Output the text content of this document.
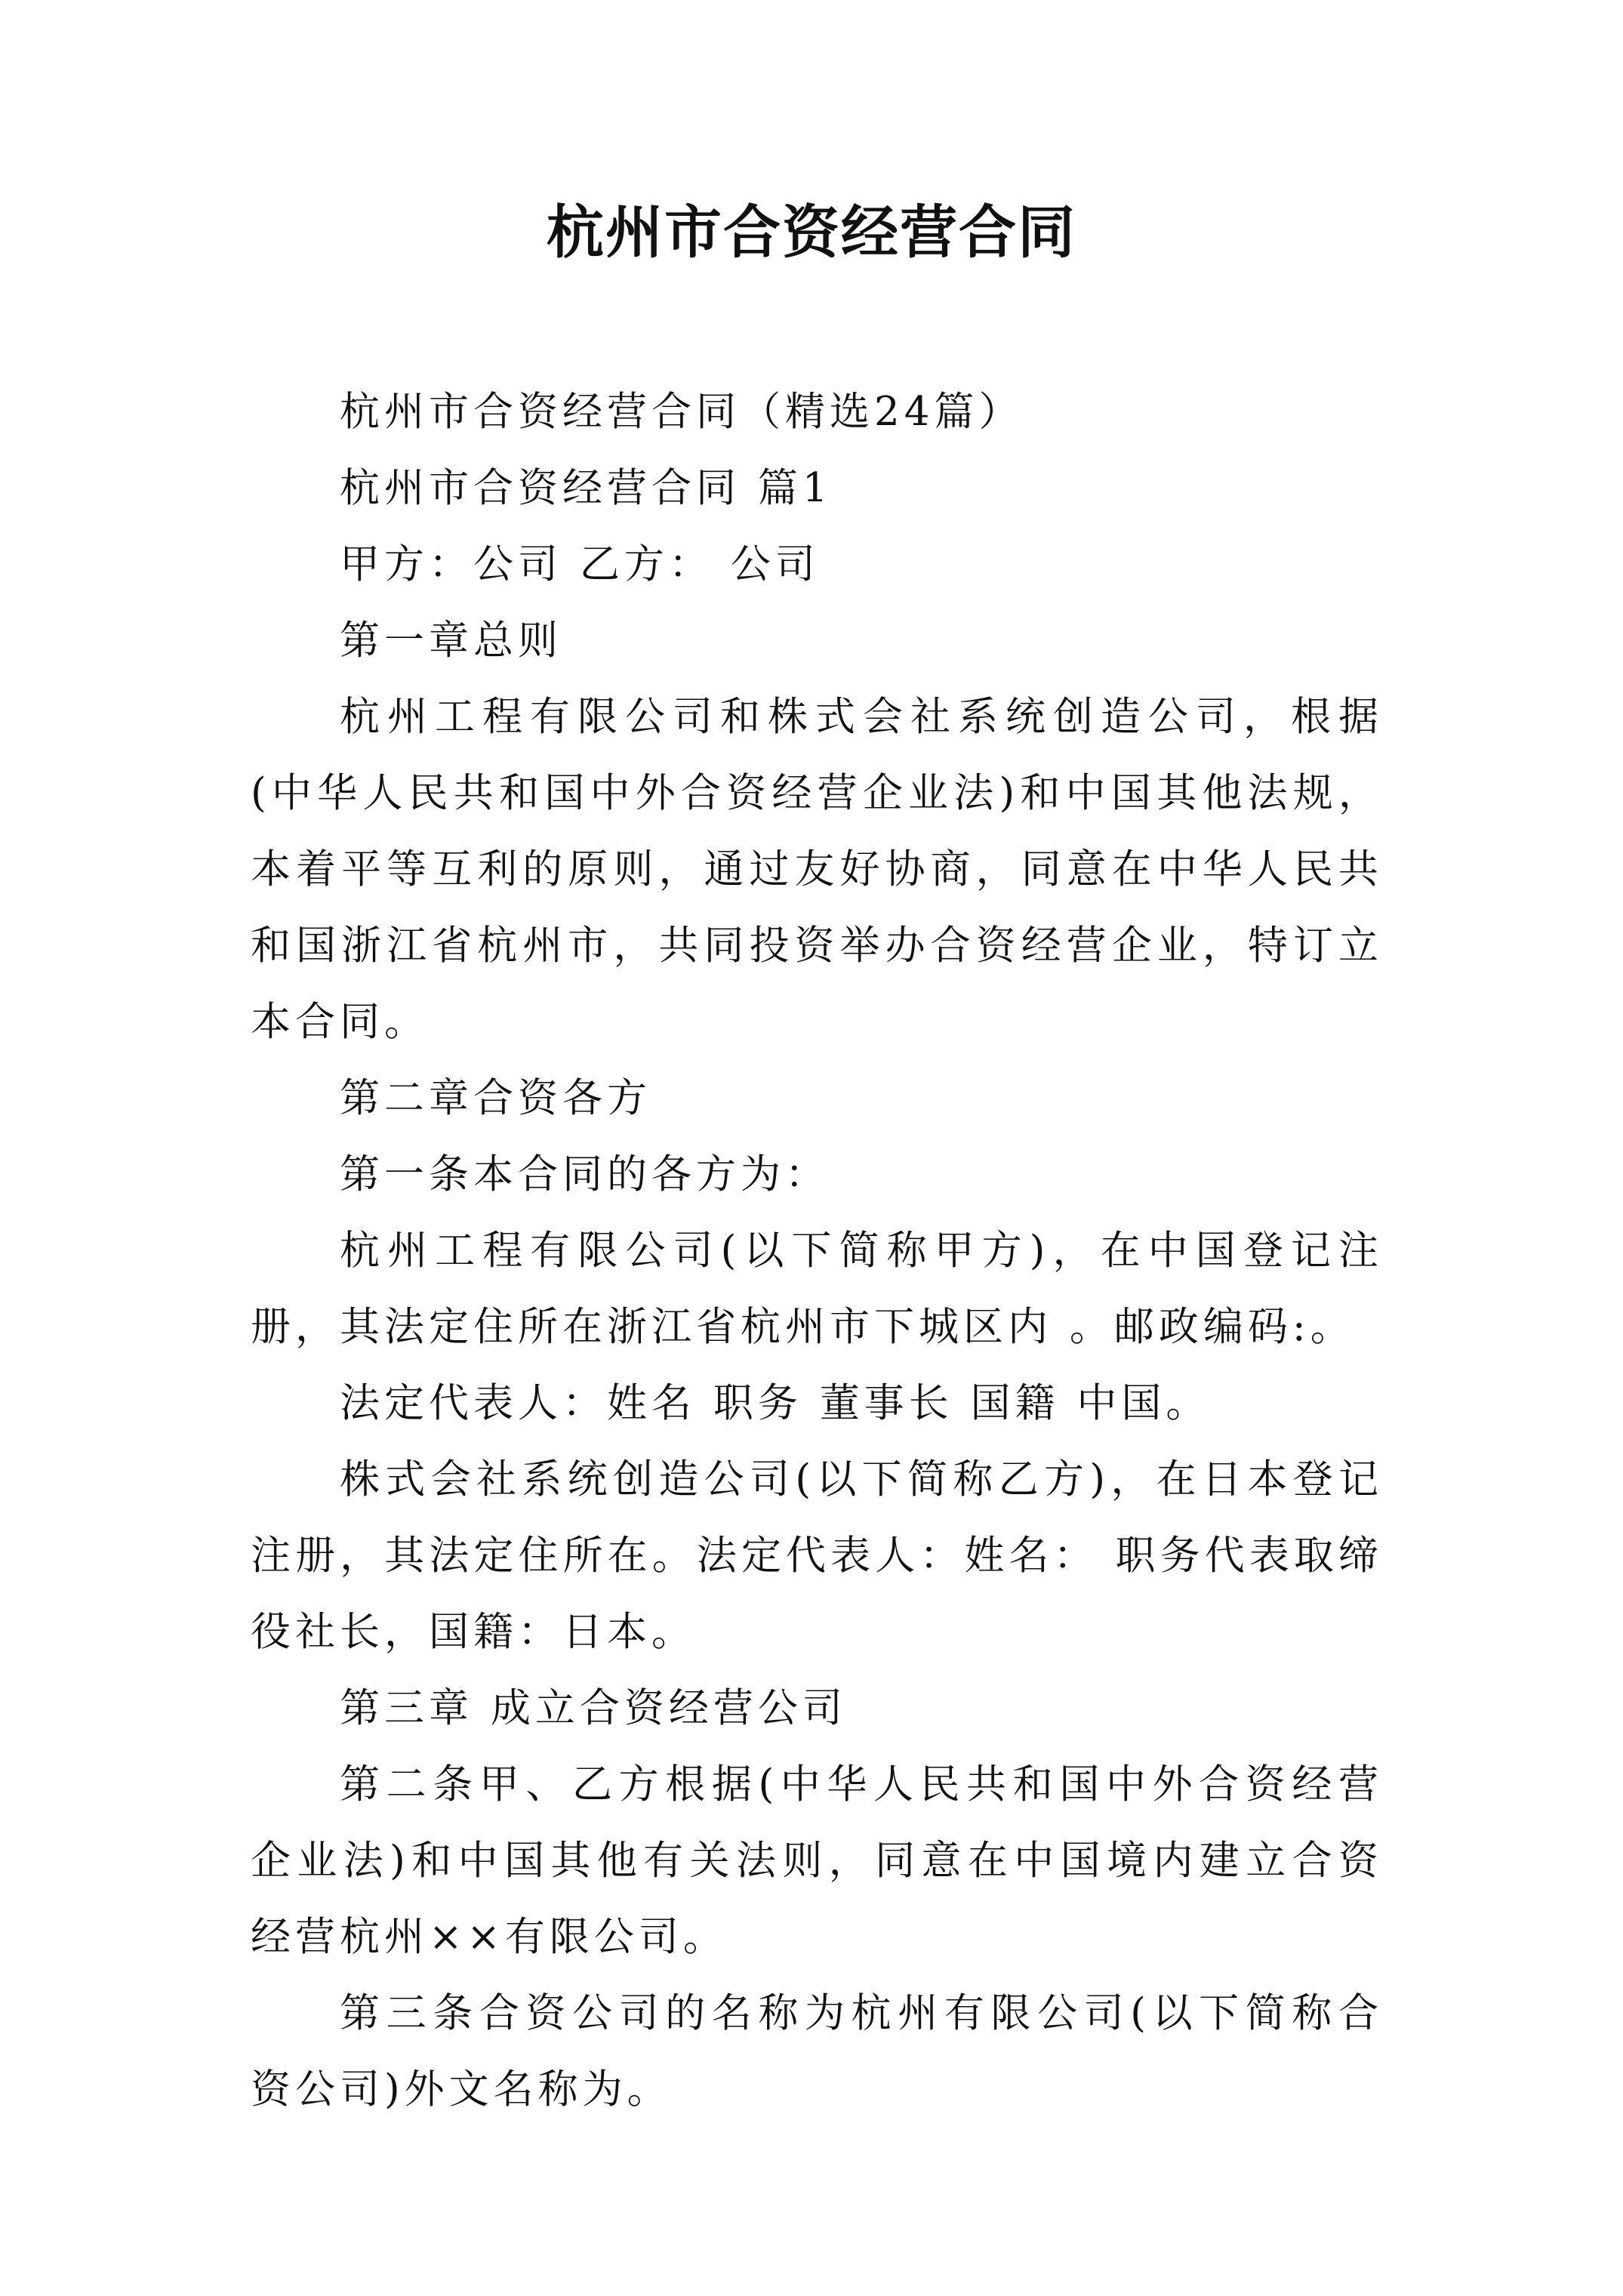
杭州市合资经营合同

杭州市合资经营合同（精选24篇）

杭州市合资经营合同 篇1

甲方：公司 乙方： 公司

第一章总则

杭州工程有限公司和株式会社系统创造公司，根据(中华人民共和国中外合资经营企业法)和中国其他法规，本着平等互利的原则，通过友好协商，同意在中华人民共和国浙江省杭州市，共同投资举办合资经营企业，特订立本合同。

第二章合资各方

第一条本合同的各方为：

杭州工程有限公司(以下简称甲方)，在中国登记注册，其法定住所在浙江省杭州市下城区内 。邮政编码:。

法定代表人：姓名 职务 董事长 国籍 中国。

株式会社系统创造公司(以下简称乙方)，在日本登记注册，其法定住所在。法定代表人：姓名： 职务代表取缔役社长，国籍：日本。

第三章 成立合资经营公司

第二条甲、乙方根据(中华人民共和国中外合资经营企业法)和中国其他有关法则，同意在中国境内建立合资经营杭州××有限公司。

第三条合资公司的名称为杭州有限公司(以下简称合资公司)外文名称为。
